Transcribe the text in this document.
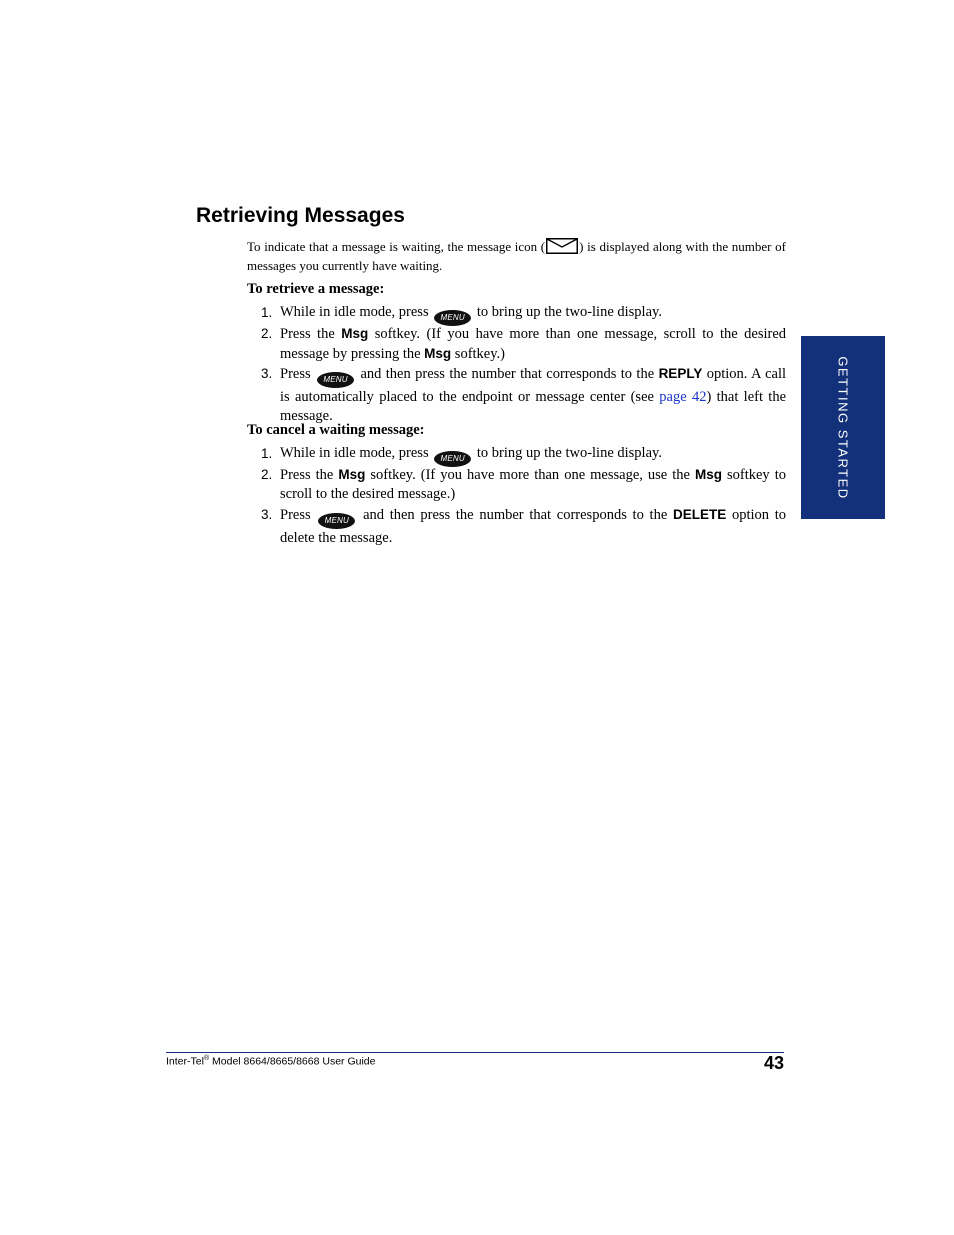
Retrieving Messages

To indicate that a message is waiting, the message icon (	) is displayed along with the number of messages you currently have waiting.

To retrieve a message:
1. While in idle mode, press MENU to bring up the two-line display.
2. Press the Msg softkey. (If you have more than one message, scroll to the desired message by pressing the Msg softkey.)
3. Press MENU and then press the number that corresponds to the REPLY option. A call is automatically placed to the endpoint or message center (see page 42) that left the message.
To cancel a waiting message:
1. While in idle mode, press MENU to bring up the two-line display.
2. Press the Msg softkey. (If you have more than one message, use the Msg softkey to scroll to the desired message.)
3. Press MENU and then press the number that corresponds to the DELETE option to delete the message.
GETTING STARTED
Inter-Tel® Model 8664/8665/8668 User Guide	43
